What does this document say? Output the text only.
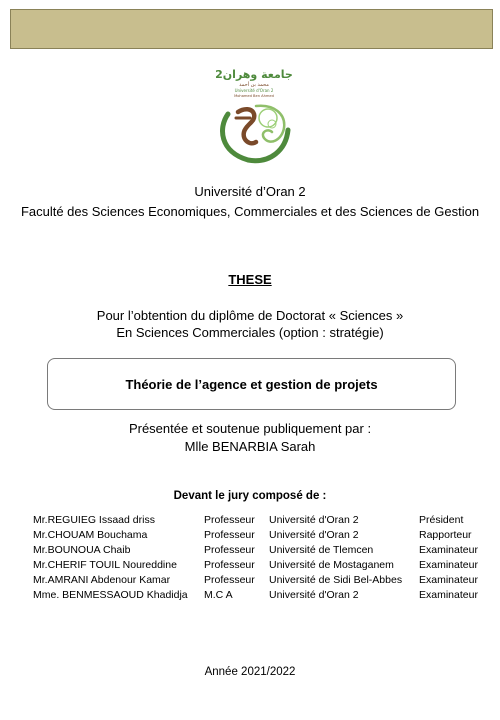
جامعة وهران2
محمد بن أحمد
Université d'Oran 2
Mohamed Ben Ahmed
Université d’Oran 2
Faculté des Sciences Economiques, Commerciales et des Sciences de Gestion
THESE
Pour l’obtention du diplôme de Doctorat « Sciences »
En Sciences Commerciales (option : stratégie)
Théorie de l’agence et gestion de projets
Présentée et soutenue publiquement par :
Mlle BENARBIA Sarah
Devant le jury composé de :
Mr.REGUIEG Issaad driss	Professeur	Université d'Oran 2	Président
Mr.CHOUAM Bouchama	Professeur	Université d'Oran 2	Rapporteur
Mr.BOUNOUA Chaib	Professeur	Université de Tlemcen	Examinateur
Mr.CHERIF TOUIL Noureddine	Professeur	Université de Mostaganem	Examinateur
Mr.AMRANI Abdenour Kamar	Professeur	Université de Sidi Bel-Abbes	Examinateur
Mme. BENMESSAOUD Khadidja	M.C A	Université d'Oran 2	Examinateur
Année 2021/2022
